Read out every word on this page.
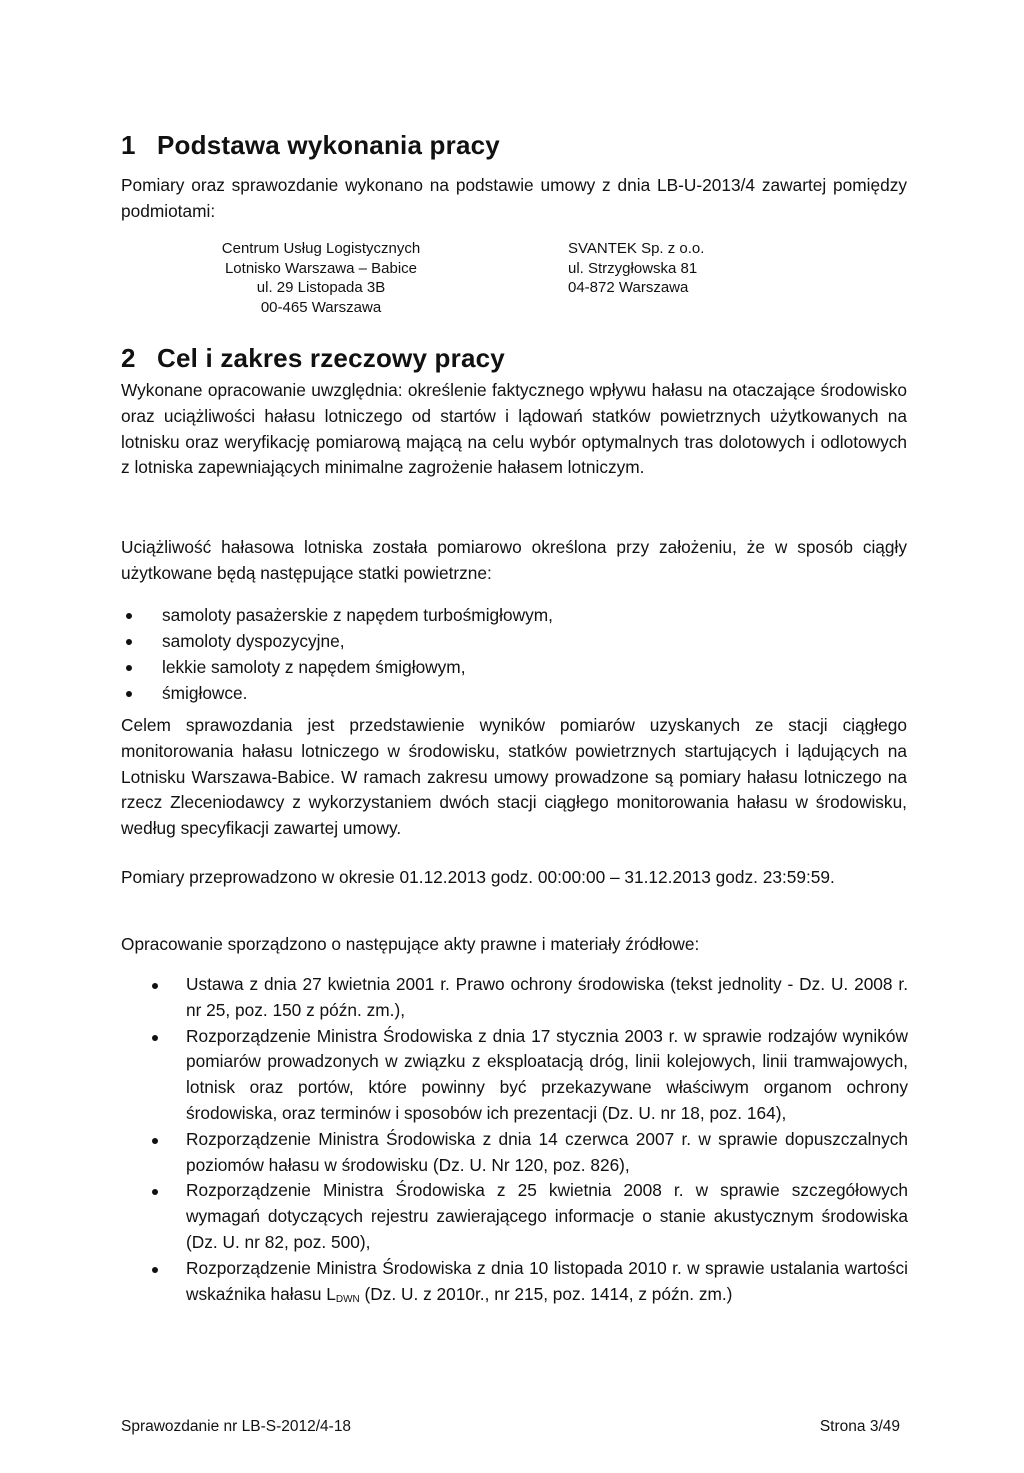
1 Podstawa wykonania pracy

Pomiary oraz sprawozdanie wykonano na podstawie umowy z dnia LB-U-2013/4 zawartej pomiędzy podmiotami:

Centrum Usług Logistycznych
Lotnisko Warszawa – Babice
ul. 29 Listopada 3B
00-465 Warszawa
SVANTEK Sp. z o.o.
ul. Strzygłowska 81
04-872 Warszawa
2 Cel i zakres rzeczowy pracy

Wykonane opracowanie uwzględnia: określenie faktycznego wpływu hałasu na otaczające środowisko oraz uciążliwości hałasu lotniczego od startów i lądowań statków powietrznych użytkowanych na lotnisku oraz weryfikację pomiarową mającą na celu wybór optymalnych tras dolotowych i odlotowych z lotniska zapewniających minimalne zagrożenie hałasem lotniczym.

Uciążliwość hałasowa lotniska została pomiarowo określona przy założeniu, że w sposób ciągły użytkowane będą następujące statki powietrzne:

samoloty pasażerskie z napędem turbośmigłowym,
samoloty dyspozycyjne,
lekkie samoloty z napędem śmigłowym,
śmigłowce.

Celem sprawozdania jest przedstawienie wyników pomiarów uzyskanych ze stacji ciągłego monitorowania hałasu lotniczego w środowisku, statków powietrznych startujących i lądujących na Lotnisku Warszawa-Babice. W ramach zakresu umowy prowadzone są pomiary hałasu lotniczego na rzecz Zleceniodawcy z wykorzystaniem dwóch stacji ciągłego monitorowania hałasu w środowisku, według specyfikacji zawartej umowy.

Pomiary przeprowadzono w okresie 01.12.2013 godz. 00:00:00 – 31.12.2013 godz. 23:59:59.

Opracowanie sporządzono o następujące akty prawne i materiały źródłowe:

Ustawa z dnia 27 kwietnia 2001 r. Prawo ochrony środowiska (tekst jednolity - Dz. U. 2008 r. nr 25, poz. 150 z późn. zm.),
Rozporządzenie Ministra Środowiska z dnia 17 stycznia 2003 r. w sprawie rodzajów wyników pomiarów prowadzonych w związku z eksploatacją dróg, linii kolejowych, linii tramwajowych, lotnisk oraz portów, które powinny być przekazywane właściwym organom ochrony środowiska, oraz terminów i sposobów ich prezentacji (Dz. U. nr 18, poz. 164),
Rozporządzenie Ministra Środowiska z dnia 14 czerwca 2007 r. w sprawie dopuszczalnych poziomów hałasu w środowisku (Dz. U. Nr 120, poz. 826),
Rozporządzenie Ministra Środowiska z 25 kwietnia 2008 r. w sprawie szczegółowych wymagań dotyczących rejestru zawierającego informacje o stanie akustycznym środowiska (Dz. U. nr 82, poz. 500),
Rozporządzenie Ministra Środowiska z dnia 10 listopada 2010 r. w sprawie ustalania wartości wskaźnika hałasu $L_{DWN}$ (Dz. U. z 2010r., nr 215, poz. 1414, z późn. zm.)
Sprawozdanie nr LB-S-2012/4-18	Strona 3/49
